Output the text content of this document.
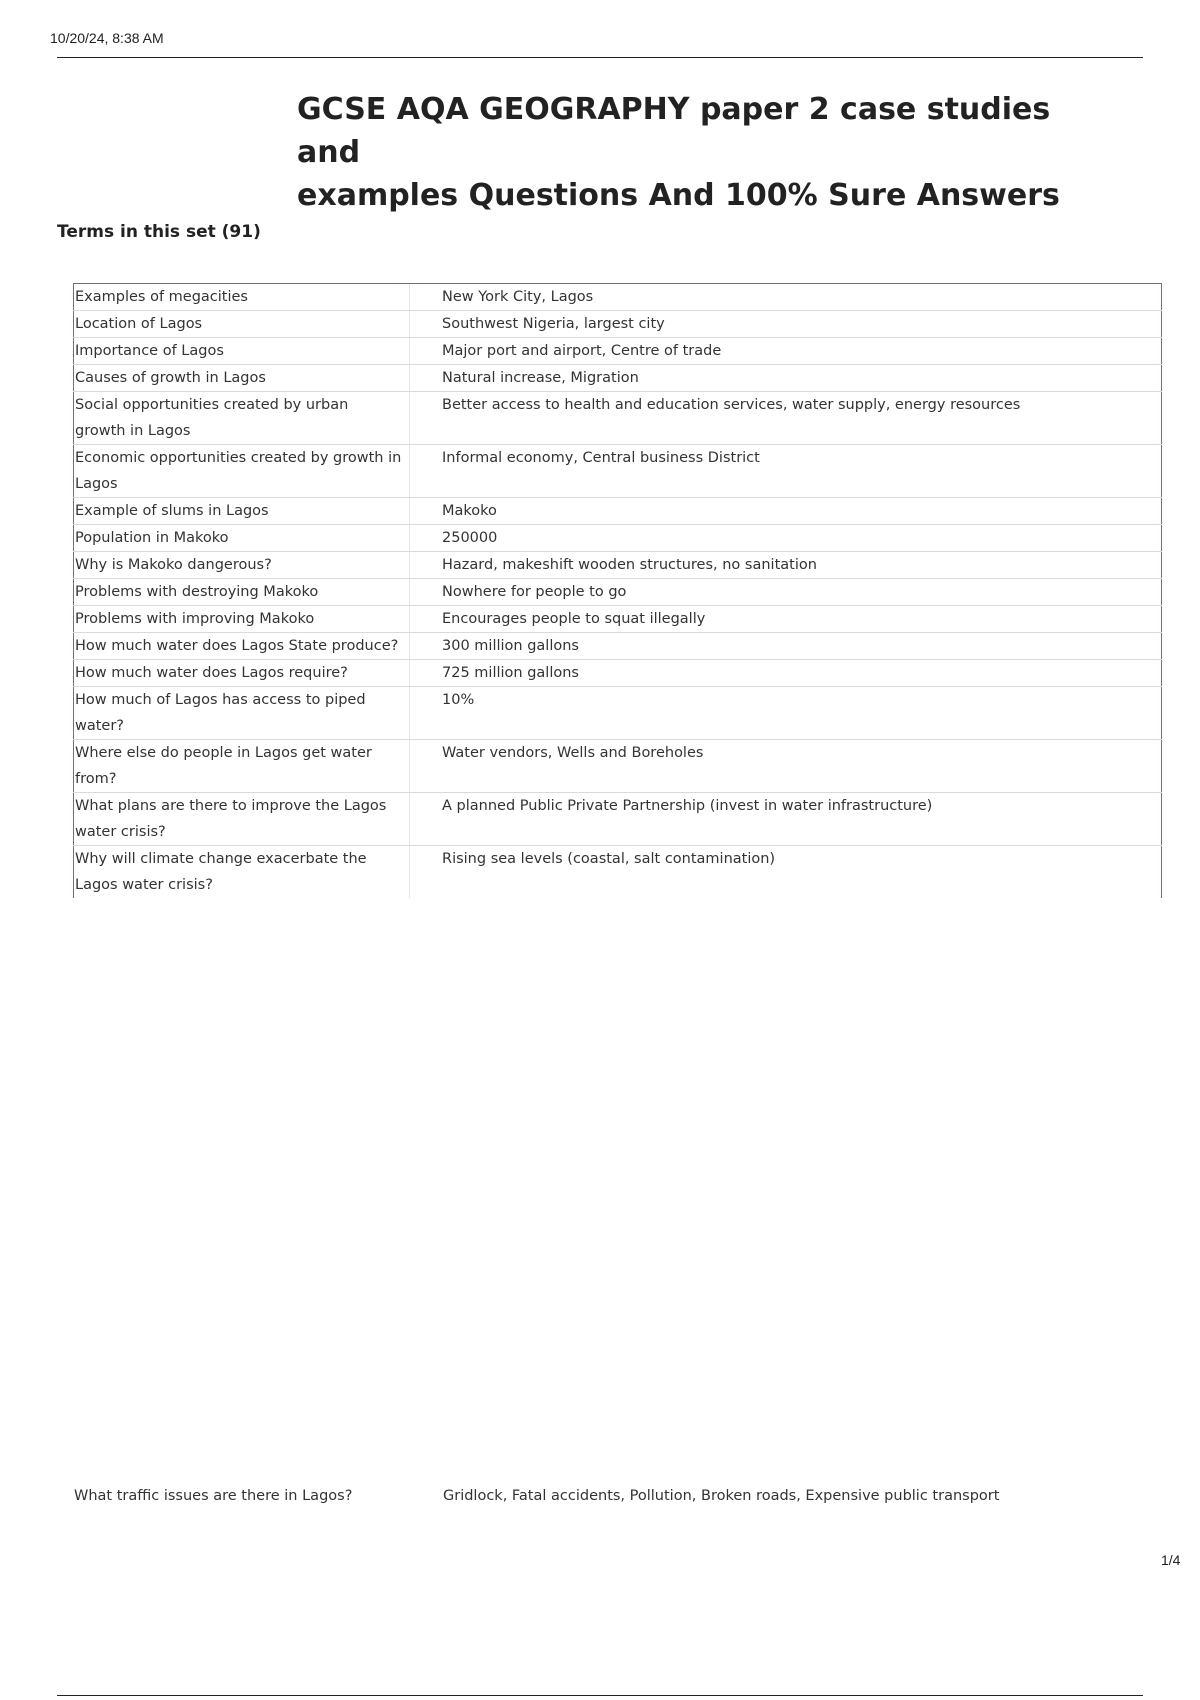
10/20/24, 8:38 AM
GCSE AQA GEOGRAPHY paper 2 case studies and
examples Questions And 100% Sure Answers
Terms in this set (91)
Examples of megacities	New York City, Lagos
Location of Lagos	Southwest Nigeria, largest city
Importance of Lagos	Major port and airport, Centre of trade
Causes of growth in Lagos	Natural increase, Migration
Social opportunities created by urban growth in Lagos	Better access to health and education services, water supply, energy resources
Economic opportunities created by growth in Lagos	Informal economy, Central business District
Example of slums in Lagos	Makoko
Population in Makoko	250000
Why is Makoko dangerous?	Hazard, makeshift wooden structures, no sanitation
Problems with destroying Makoko	Nowhere for people to go
Problems with improving Makoko	Encourages people to squat illegally
How much water does Lagos State produce?	300 million gallons
How much water does Lagos require?	725 million gallons
How much of Lagos has access to piped water?	10%
Where else do people in Lagos get water from?	Water vendors, Wells and Boreholes
What plans are there to improve the Lagos water crisis?	A planned Public Private Partnership (invest in water infrastructure)
Why will climate change exacerbate the Lagos water crisis?	Rising sea levels (coastal, salt contamination)
What traffic issues are there in Lagos?	Gridlock, Fatal accidents, Pollution, Broken roads, Expensive public transport
1/4
